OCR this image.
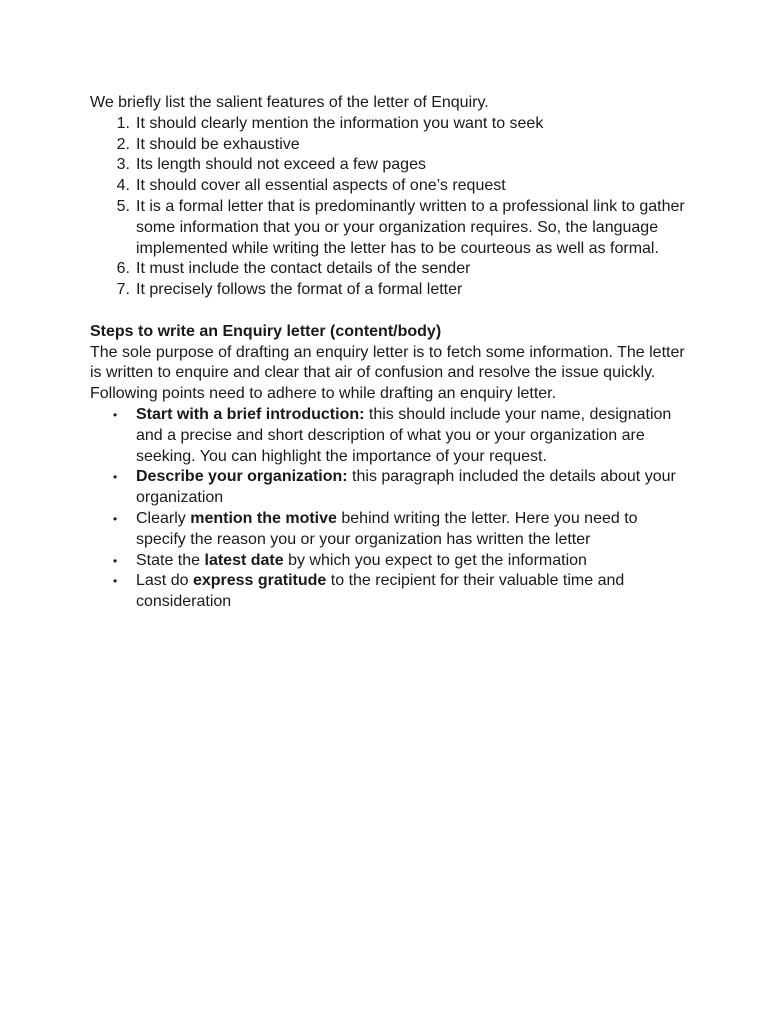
We briefly list the salient features of the letter of Enquiry.

1. It should clearly mention the information you want to seek
2. It should be exhaustive
3. Its length should not exceed a few pages
4. It should cover all essential aspects of one’s request
5. It is a formal letter that is predominantly written to a professional link to gather some information that you or your organization requires. So, the language implemented while writing the letter has to be courteous as well as formal.
6. It must include the contact details of the sender
7. It precisely follows the format of a formal letter

Steps to write an Enquiry letter (content/body)

The sole purpose of drafting an enquiry letter is to fetch some information. The letter is written to enquire and clear that air of confusion and resolve the issue quickly. Following points need to adhere to while drafting an enquiry letter.

• Start with a brief introduction: this should include your name, designation and a precise and short description of what you or your organization are seeking. You can highlight the importance of your request.
• Describe your organization: this paragraph included the details about your organization
• Clearly mention the motive behind writing the letter. Here you need to specify the reason you or your organization has written the letter
• State the latest date by which you expect to get the information
• Last do express gratitude to the recipient for their valuable time and consideration
